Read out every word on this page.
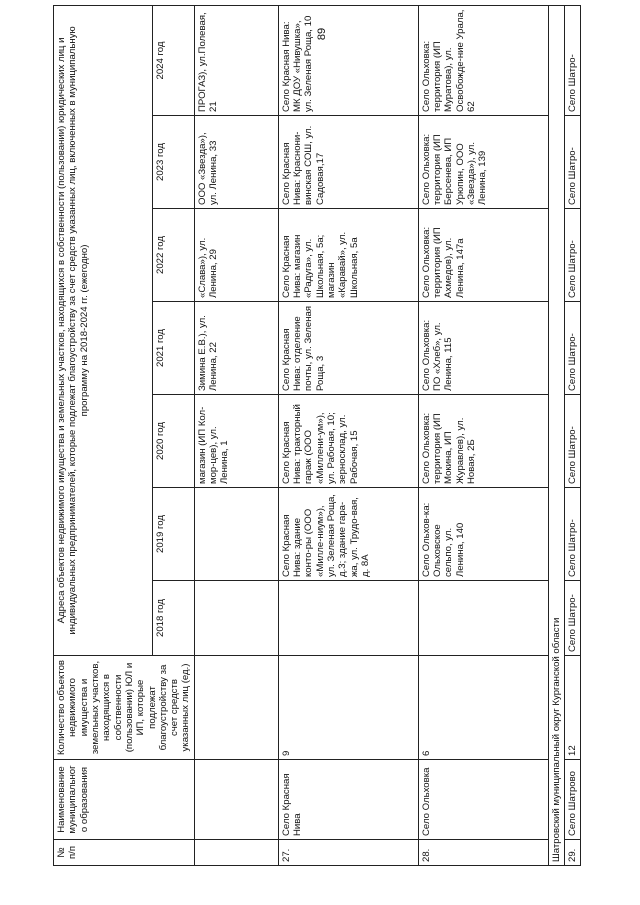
89
№ п/п	Наименование муниципального образования	Количество объектов недвижимого имущества и земельных участков, находящихся в собственности (пользовании) ЮЛ и ИП, которые подлежат благоустройству за счет средств указанных лиц (ед.)	Адреса объектов недвижимого имущества и земельных участков, находящихся в собственности (пользовании) юридических лиц и индивидуальных предпринимателей, которые подлежат благоустройству за счет средств указанных лиц, включенных в муниципальную программу на 2018-2024 гг. (ежегодно)						
			2018 год	2019 год	2020 год	2021 год	2022 год	2023 год	2024 год
					магазин (ИП Кол-мор-цев), ул. Ленина, 1	Зимина Е.В.), ул. Ленина, 22	«Слава»), ул. Ленина, 29	ООО «Звезда»), ул. Ленина, 33	ПРОГАЗ), ул.Полевая, 21
27.	Село Красная Нива	9		Село Красная Нива: здание конто-ры (ООО «Милле-ниум»), ул. Зеленая Роща, д.3; здание гара-жа, ул. Трудо-вая, д. 8А	Село Красная Нива: тракторный гараж (ООО «Миллени-ум»), ул. Рабочая, 10; зерносклад, ул. Рабочая, 15	Село Красная Нива: отделение почты, ул. Зеленая Роща, 3	Село Красная Нива: магазин «Радуга», ул. Школьная, 5а; магазин «Каравай», ул. Школьная, 5а	Село Красная Нива: Краснони-винская СОШ, ул. Садовая,17	Село Красная Нива: МК ДОУ «Нивушка», ул. Зеленая Роща, 10
28.	Село Ольховка	6		Село Ольхов-ка: Ольховское сельпо, ул. Ленина, 140	Село Ольховка: территория (ИП Мокина, ИП Журавлев), ул. Новая, 2Б	Село Ольховка: ПО «Хлеб», ул. Ленина, 115	Село Ольховка: территория (ИП Ахмедов), ул. Ленина, 147а	Село Ольховка: территория (ИП Берсенева, ИП Урюпин, ООО «Звезда»), ул. Ленина, 139	Село Ольховка: территория (ИП Муратова), ул. Освобожде-ние Урала, 62
Шатровский муниципальный округ Курганской области									
29.	Село Шатрово	12	Село Шатро-	Село Шатро-	Село Шатро-	Село Шатро-	Село Шатро-	Село Шатро-	Село Шатро-
